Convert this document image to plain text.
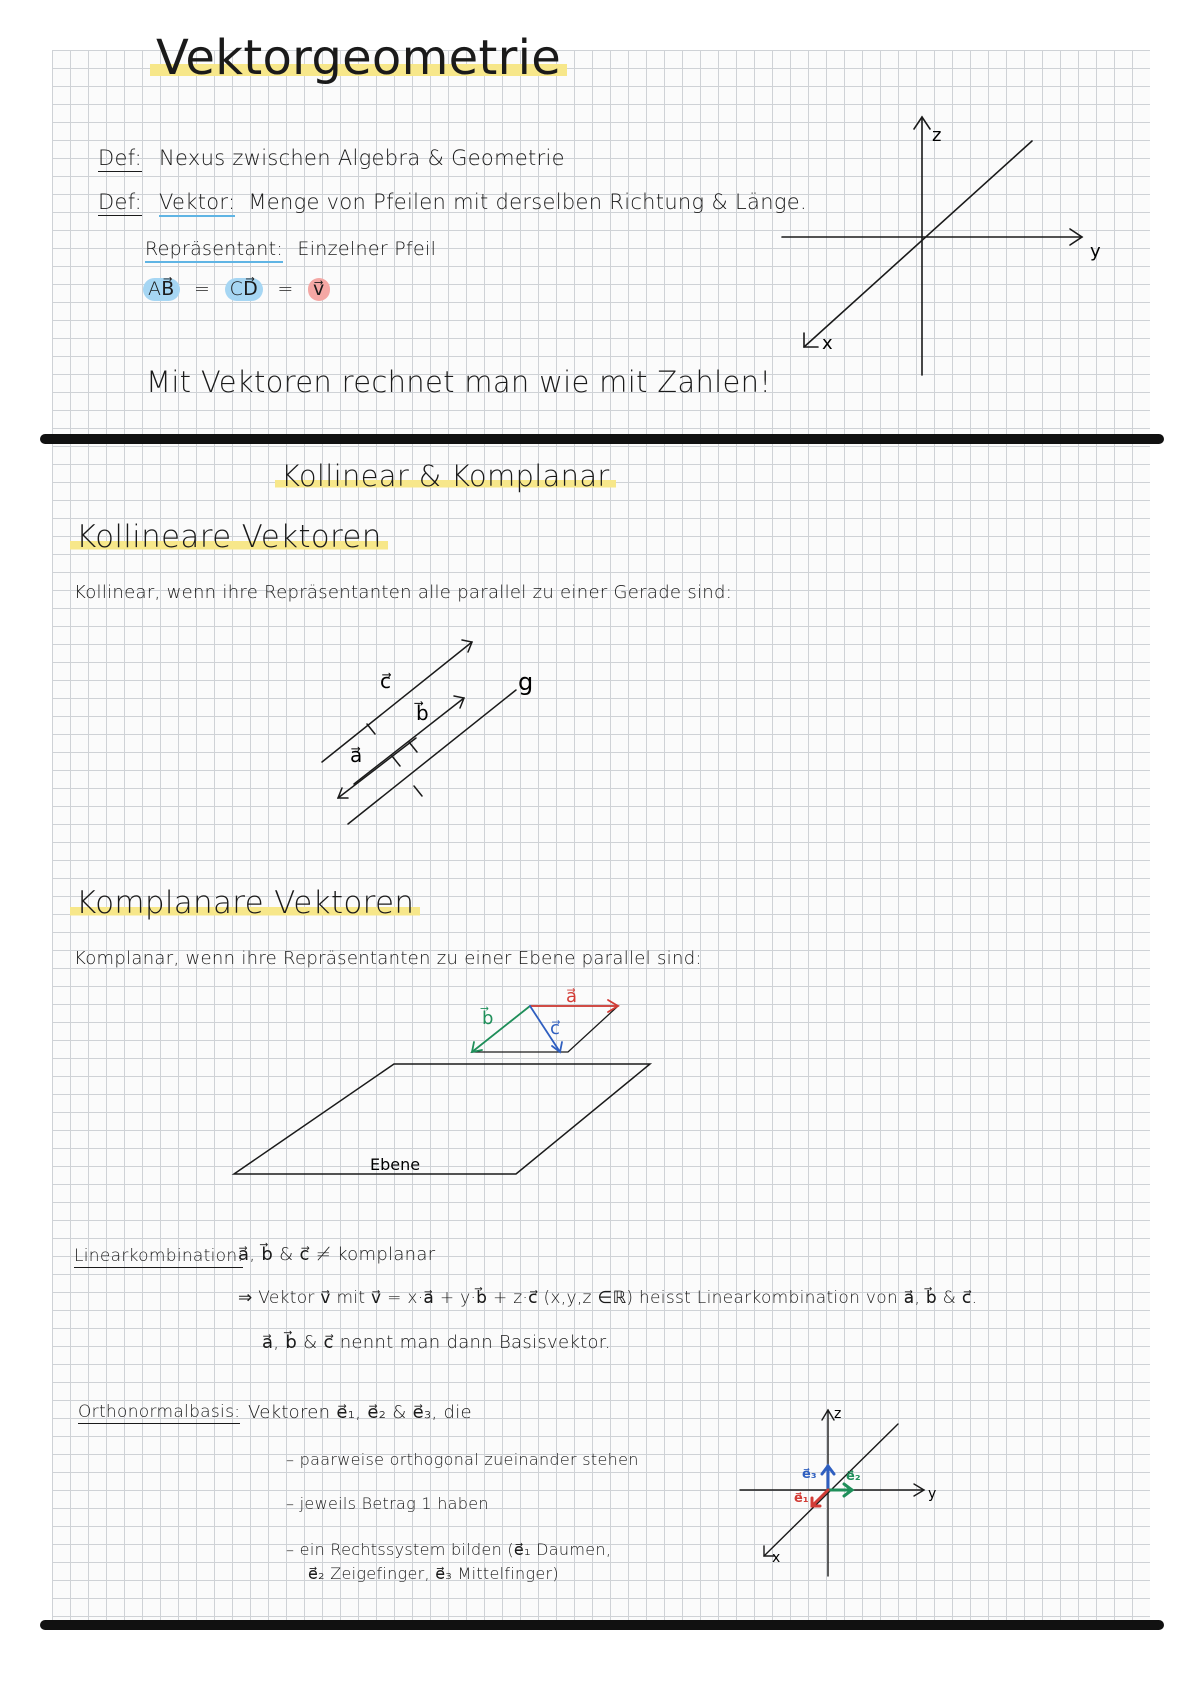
Vektorgeometrie
Def: Nexus zwischen Algebra & Geometrie
Def: Vektor: Menge von Pfeilen mit derselben Richtung & Länge.
Repräsentant: Einzelner Pfeil
AB⃗ = CD⃗ = v⃗
Mit Vektoren rechnet man wie mit Zahlen!
z
y
x
Kollinear & Komplanar
Kollineare Vektoren
Kollinear, wenn ihre Repräsentanten alle parallel zu einer Gerade sind:
c⃗
b⃗
a⃗
g
Komplanare Vektoren
Komplanar, wenn ihre Repräsentanten zu einer Ebene parallel sind:
a⃗
b⃗	c⃗
Ebene
Linearkombination:
a⃗, b⃗ & c⃗ ≠ komplanar
⇒ Vektor v⃗ mit v⃗ = x·a⃗ + y·b⃗ + z·c⃗ (x,y,z ∈ℝ) heisst Linearkombination von a⃗, b⃗ & c⃗.
a⃗, b⃗ & c⃗ nennt man dann Basisvektor.
Orthonormalbasis: Vektoren e⃗₁, e⃗₂ & e⃗₃, die
– paarweise orthogonal zueinander stehen
– jeweils Betrag 1 haben
– ein Rechtssystem bilden (e⃗₁ Daumen,
e⃗₂ Zeigefinger, e⃗₃ Mittelfinger)
e⃗₃ e⃗₂
e⃗₁
z
y
x
